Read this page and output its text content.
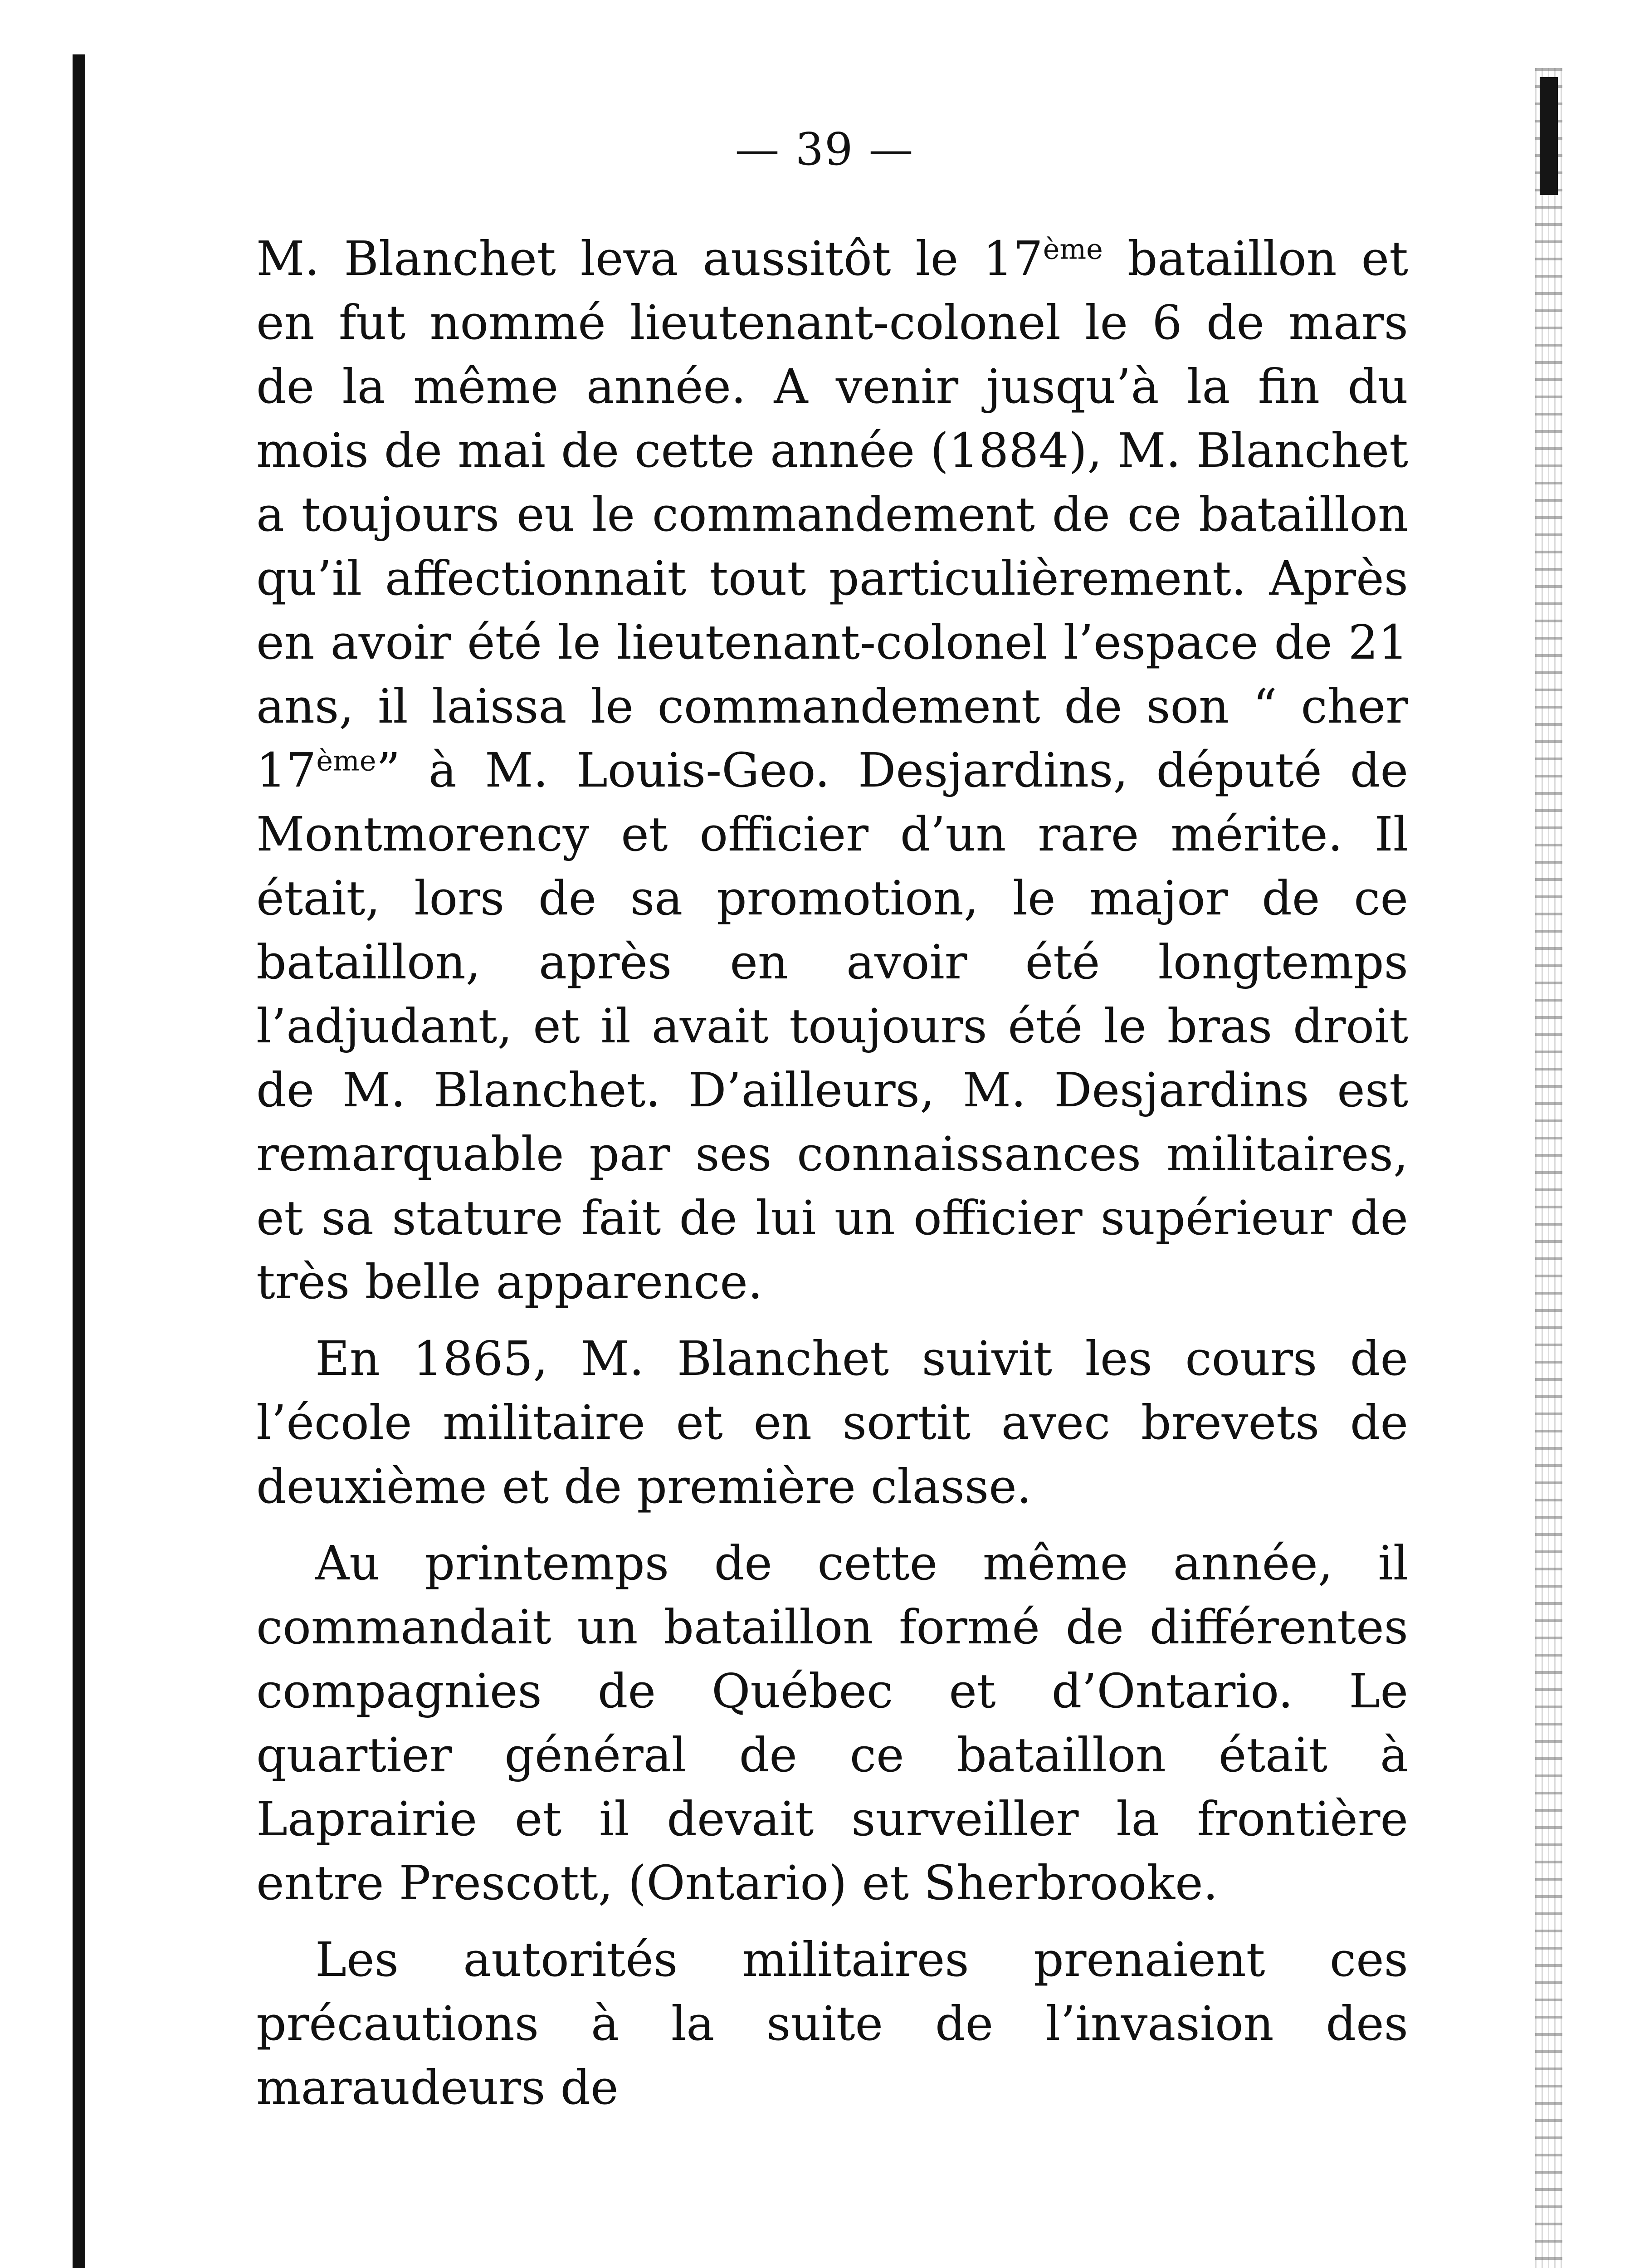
— 39 —

M. Blanchet leva aussitôt le 17ème bataillon et en fut nommé lieutenant-colonel le 6 de mars de la même année. A venir jusqu’à la fin du mois de mai de cette année (1884), M. Blanchet a toujours eu le commandement de ce bataillon qu’il affectionnait tout particulièrement. Après en avoir été le lieutenant-colonel l’espace de 21 ans, il laissa le commandement de son “ cher 17ème” à M. Louis-Geo. Desjardins, député de Montmorency et officier d’un rare mérite. Il était, lors de sa promotion, le major de ce bataillon, après en avoir été longtemps l’adjudant, et il avait toujours été le bras droit de M. Blanchet. D’ailleurs, M. Desjardins est remarquable par ses connaissances militaires, et sa stature fait de lui un officier supérieur de très belle apparence.

En 1865, M. Blanchet suivit les cours de l’école militaire et en sortit avec brevets de deuxième et de première classe.

Au printemps de cette même année, il commandait un bataillon formé de différentes compagnies de Québec et d’Ontario. Le quartier général de ce bataillon était à Laprairie et il devait surveiller la frontière entre Prescott, (Ontario) et Sherbrooke.

Les autorités militaires prenaient ces précautions à la suite de l’invasion des maraudeurs de
